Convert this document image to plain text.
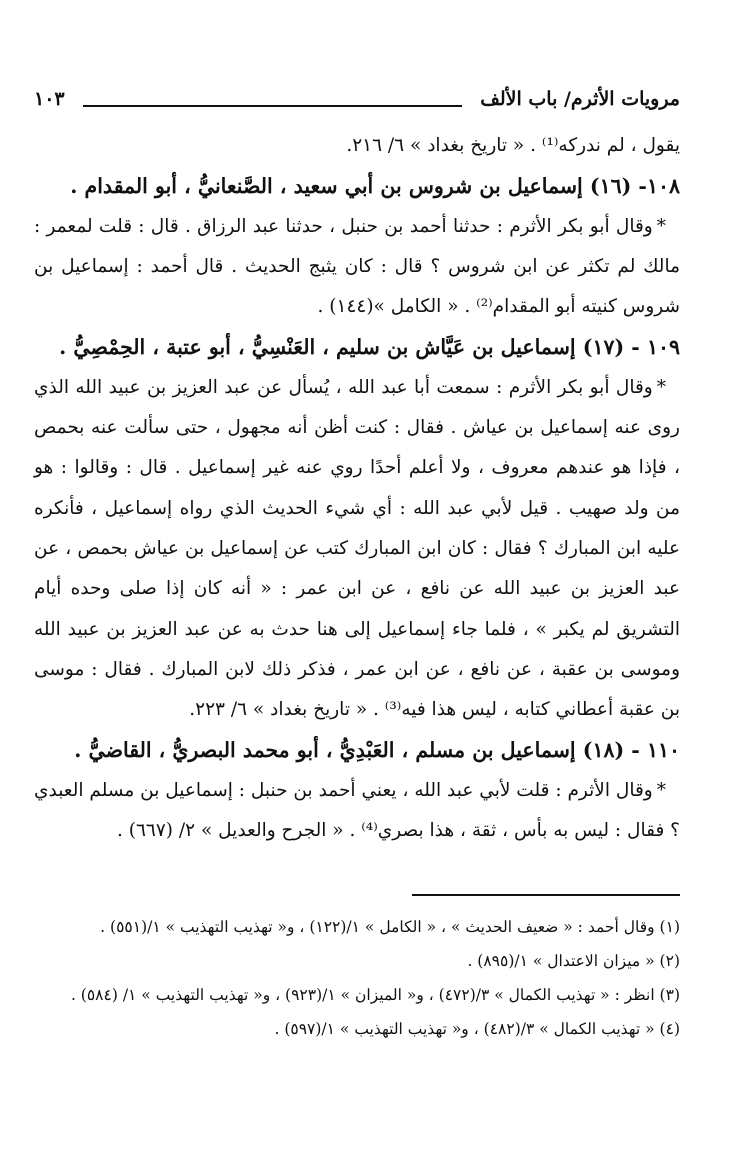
مرويات الأثرم/ باب الألف
١٠٣

يقول ، لم ندركه⁽¹⁾ . « تاريخ بغداد » ٦/ ٢١٦.

١٠٨- (١٦) إسماعيل بن شروس بن أبي سعيد ، الصَّنعانيُّ ، أبو المقدام .

*وقال أبو بكر الأثرم : حدثنا أحمد بن حنبل ، حدثنا عبد الرزاق . قال : قلت لمعمر : مالك لم تكثر عن ابن شروس ؟ قال : كان يثبج الحديث . قال أحمد : إسماعيل بن شروس كنيته أبو المقدام⁽²⁾ . « الكامل »(١٤٤) .

١٠٩ - (١٧) إسماعيل بن عَيَّاش بن سليم ، العَنْسِيُّ ، أبو عتبة ، الحِمْصِيُّ .

*وقال أبو بكر الأثرم : سمعت أبا عبد الله ، يُسأل عن عبد العزيز بن عبيد الله الذي روى عنه إسماعيل بن عياش . فقال : كنت أظن أنه مجهول ، حتى سألت عنه بحمص ، فإذا هو عندهم معروف ، ولا أعلم أحدًا روي عنه غير إسماعيل . قال : وقالوا : هو من ولد صهيب . قيل لأبي عبد الله : أي شيء الحديث الذي رواه إسماعيل ، فأنكره عليه ابن المبارك ؟ فقال : كان ابن المبارك كتب عن إسماعيل بن عياش بحمص ، عن عبد العزيز بن عبيد الله عن نافع ، عن ابن عمر : « أنه كان إذا صلى وحده أيام التشريق لم يكبر » ، فلما جاء إسماعيل إلى هنا حدث به عن عبد العزيز بن عبيد الله وموسى بن عقبة ، عن نافع ، عن ابن عمر ، فذكر ذلك لابن المبارك . فقال : موسى بن عقبة أعطاني كتابه ، ليس هذا فيه⁽³⁾ . « تاريخ بغداد » ٦/ ٢٢٣.

١١٠ - (١٨) إسماعيل بن مسلم ، العَبْدِيُّ ، أبو محمد البصريُّ ، القاضيُّ .

*وقال الأثرم : قلت لأبي عبد الله ، يعني أحمد بن حنبل : إسماعيل بن مسلم العبدي ؟ فقال : ليس به بأس ، ثقة ، هذا بصري⁽⁴⁾ . « الجرح والعديل » ٢/ (٦٦٧) .

(١) وقال أحمد : « ضعيف الحديث » ، « الكامل » ١/(١٢٢) ، و« تهذيب التهذيب » ١/(٥٥١) .

(٢) « ميزان الاعتدال » ١/(٨٩٥) .

(٣) انظر : « تهذيب الكمال » ٣/(٤٧٢) ، و« الميزان » ١/(٩٢٣) ، و« تهذيب التهذيب » ١/ (٥٨٤) .

(٤) « تهذيب الكمال » ٣/(٤٨٢) ، و« تهذيب التهذيب » ١/(٥٩٧) .
